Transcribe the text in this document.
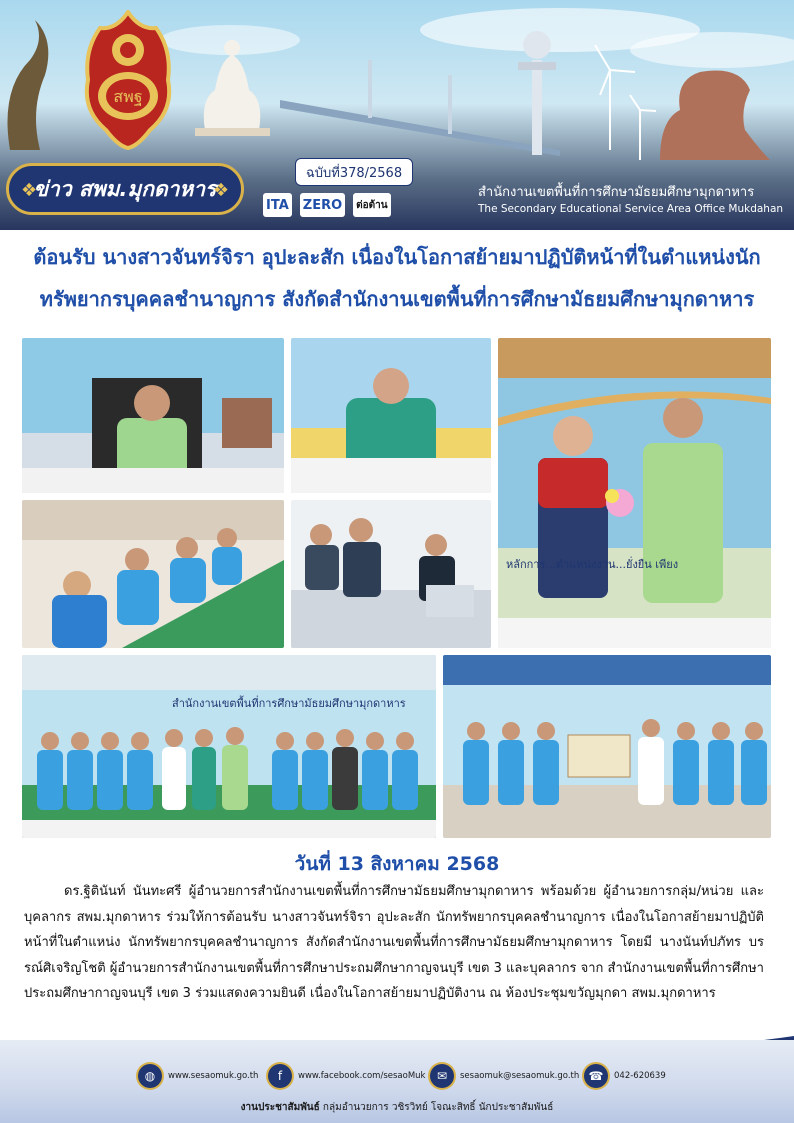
สพฐ
❖
ข่าว สพม.มุกดาหาร
❖
ฉบับที่378/2568
ITA ZERO	ต่อต้าน
สำนักงานเขตพื้นที่การศึกษามัธยมศึกษามุกดาหาร
The Secondary Educational Service Area Office Mukdahan

ต้อนรับ นางสาวจันทร์จิรา อุปะละสัก เนื่องในโอกาสย้ายมาปฏิบัติหน้าที่ในตำแหน่งนัก

ทรัพยากรบุคคลชำนาญการ สังกัดสำนักงานเขตพื้นที่การศึกษามัธยมศึกษามุกดาหาร

หลักการ...ตำแหน่งงาน...ยั่งยืน เพียง
สำนักงานเขตพื้นที่การศึกษามัธยมศึกษามุกดาหาร
วันที่ 13 สิงหาคม 2568

ดร.ฐิตินันท์ นันทะศรี ผู้อำนวยการสำนักงานเขตพื้นที่การศึกษามัธยมศึกษามุกดาหาร พร้อมด้วย ผู้อำนวยการกลุ่ม/หน่วย และบุคลากร สพม.มุกดาหาร ร่วมให้การต้อนรับ นางสาวจันทร์จิรา อุปะละสัก นักทรัพยากรบุคคลชำนาญการ เนื่องในโอกาสย้ายมาปฏิบัติหน้าที่ในตำแหน่ง นักทรัพยากรบุคคลชำนาญการ สังกัดสำนักงานเขตพื้นที่การศึกษามัธยมศึกษามุกดาหาร โดยมี นางนันท์ปภัทร บรรณ์ศิเจริญโชติ ผู้อำนวยการสำนักงานเขตพื้นที่การศึกษาประถมศึกษากาญจนบุรี เขต 3 และบุคลากร จาก สำนักงานเขตพื้นที่การศึกษาประถมศึกษากาญจนบุรี เขต 3 ร่วมแสดงความยินดี เนื่องในโอกาสย้ายมาปฏิบัติงาน ณ ห้องประชุมขวัญมุกดา สพม.มุกดาหาร

◍	www.sesaomuk.go.th	f	www.facebook.com/sesaoMuk ✉	sesaomuk@sesaomuk.go.th ☎	042-620639
งานประชาสัมพันธ์ กลุ่มอำนวยการ วชิรวิทย์ โจณะสิทธิ์ นักประชาสัมพันธ์
